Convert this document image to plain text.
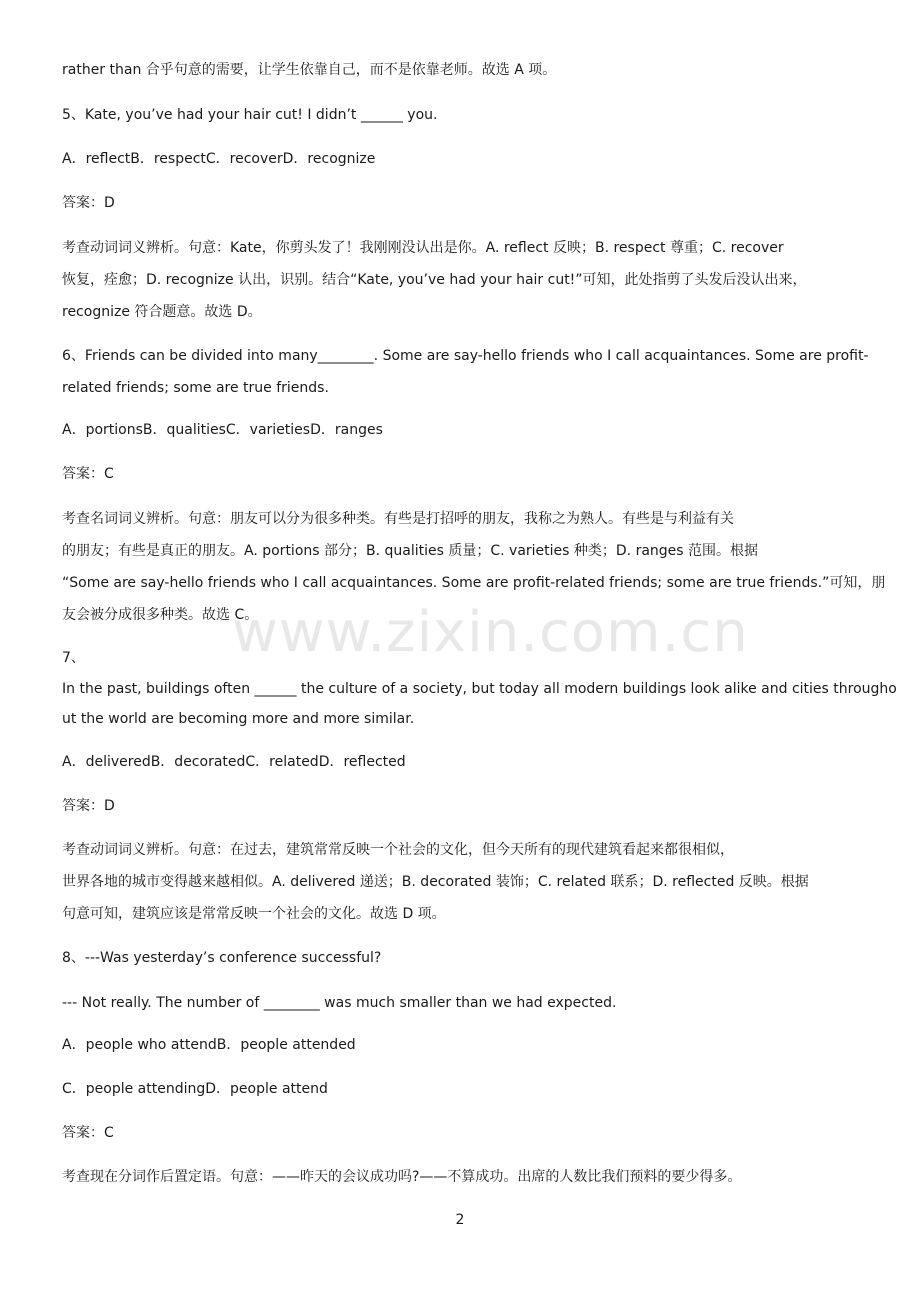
rather than 合乎句意的需要，让学生依靠自己，而不是依靠老师。故选 A 项。
5、Kate, you’ve had your hair cut! I didn’t ______ you.
A．reflectB．respectC．recoverD．recognize
答案：D
考查动词词义辨析。句意：Kate，你剪头发了！我刚刚没认出是你。A. reflect 反映；B. respect 尊重；C. recover
恢复，痊愈；D. recognize 认出，识别。结合“Kate, you’ve had your hair cut!”可知，此处指剪了头发后没认出来，
recognize 符合题意。故选 D。
6、Friends can be divided into many________. Some are say-hello friends who I call acquaintances. Some are profit-
related friends; some are true friends.
A．portionsB．qualitiesC．varietiesD．ranges
答案：C
考查名词词义辨析。句意：朋友可以分为很多种类。有些是打招呼的朋友，我称之为熟人。有些是与利益有关
的朋友；有些是真正的朋友。A. portions 部分；B. qualities 质量；C. varieties 种类；D. ranges 范围。根据
“Some are say-hello friends who I call acquaintances. Some are profit-related friends; some are true friends.”可知，朋
友会被分成很多种类。故选 C。
7、
In the past, buildings often ______ the culture of a society, but today all modern buildings look alike and cities througho
ut the world are becoming more and more similar.
A．deliveredB．decoratedC．relatedD．reflected
答案：D
考查动词词义辨析。句意：在过去，建筑常常反映一个社会的文化，但今天所有的现代建筑看起来都很相似，
世界各地的城市变得越来越相似。A. delivered 递送；B. decorated 装饰；C. related 联系；D. reflected 反映。根据
句意可知，建筑应该是常常反映一个社会的文化。故选 D 项。
8、---Was yesterday’s conference successful?
--- Not really. The number of ________ was much smaller than we had expected.
A．people who attendB．people attended
C．people attendingD．people attend
答案：C
考查现在分词作后置定语。句意：——昨天的会议成功吗?——不算成功。出席的人数比我们预料的要少得多。
www.zixin.com.cn
2
